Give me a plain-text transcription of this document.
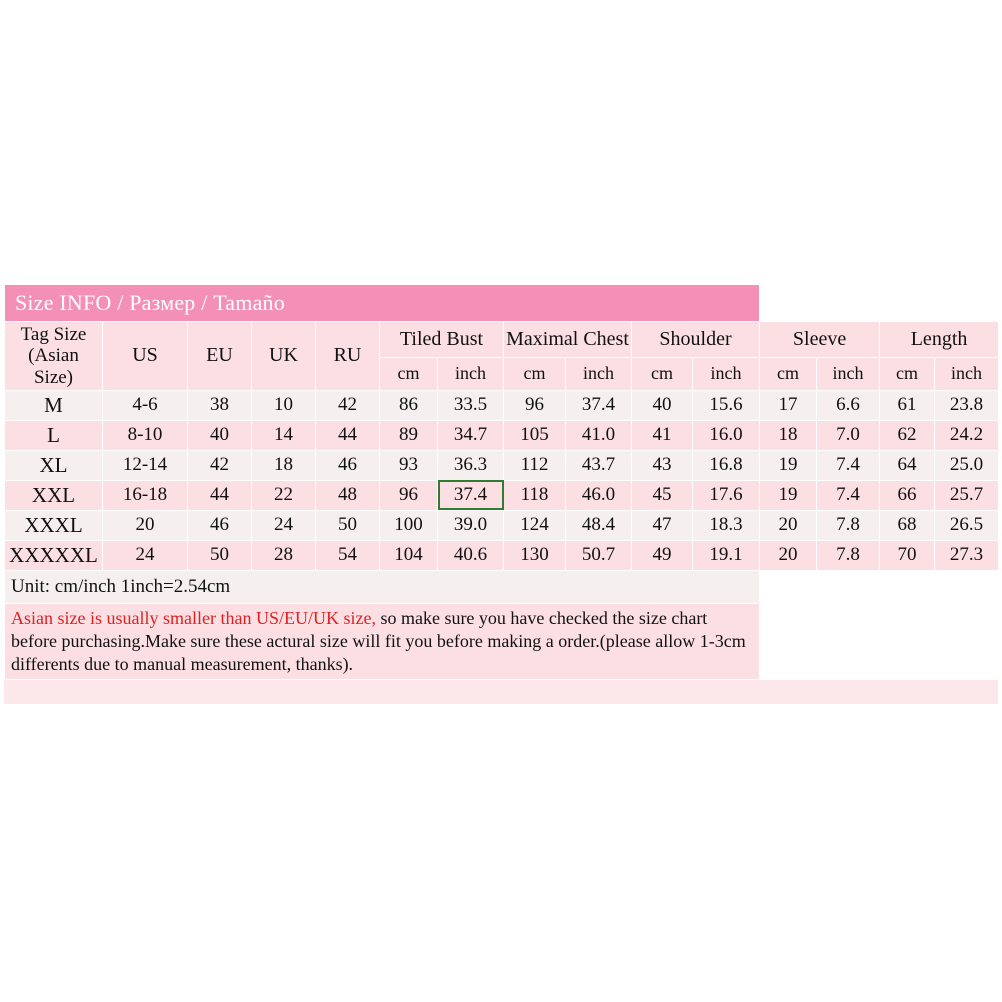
Size INFO / Размер / Tamaño														
Tag Size (Asian Size)	US	EU	UK	RU	Tiled Bust		Maximal Chest		Shoulder		Sleeve		Length	
					cm	inch	cm	inch	cm	inch	cm	inch	cm	inch
M	4-6	38	10	42	86	33.5	96	37.4	40	15.6	17	6.6	61	23.8
L	8-10	40	14	44	89	34.7	105	41.0	41	16.0	18	7.0	62	24.2
XL	12-14	42	18	46	93	36.3	112	43.7	43	16.8	19	7.4	64	25.0
XXL	16-18	44	22	48	96	37.4	118	46.0	45	17.6	19	7.4	66	25.7
XXXL	20	46	24	50	100	39.0	124	48.4	47	18.3	20	7.8	68	26.5
XXXXXL	24	50	28	54	104	40.6	130	50.7	49	19.1	20	7.8	70	27.3
Unit: cm/inch 1inch=2.54cm														
Asian size is usually smaller than US/EU/UK size, so make sure you have checked the size chart before purchasing.Make sure these actural size will fit you before making a order.(please allow 1-3cm differents due to manual measurement, thanks).														
